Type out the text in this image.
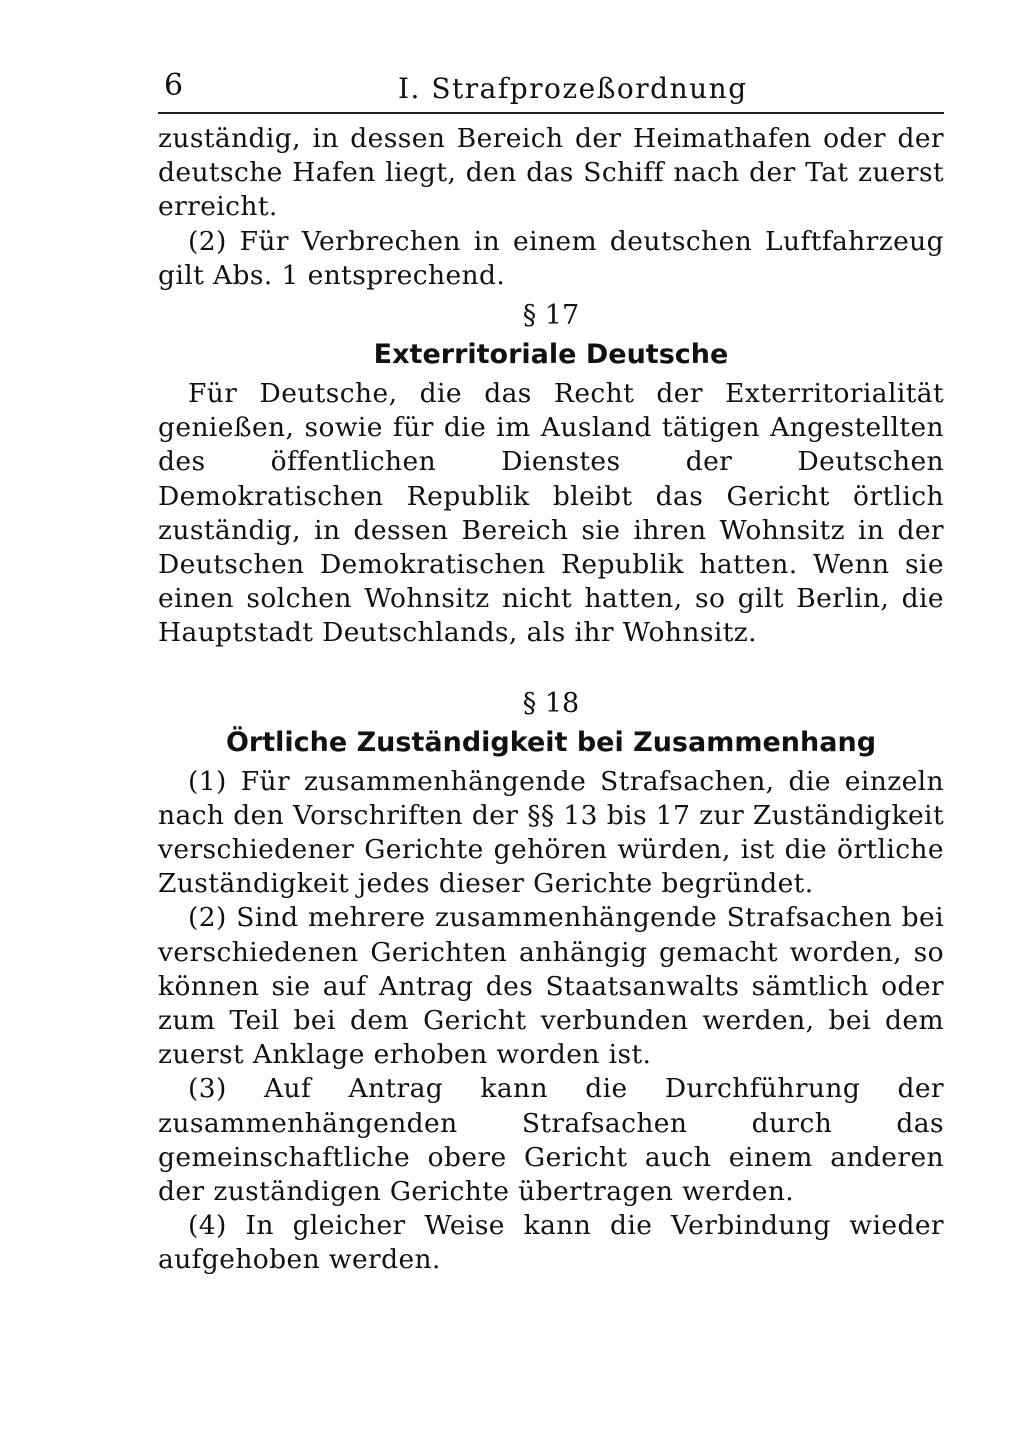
6	I. Strafprozeßordnung

zuständig, in dessen Bereich der Heimathafen oder der deutsche Hafen liegt, den das Schiff nach der Tat zuerst erreicht.

(2) Für Verbrechen in einem deutschen Luftfahrzeug gilt Abs. 1 entsprechend.

§ 17
Exterritoriale Deutsche

Für Deutsche, die das Recht der Exterritorialität genießen, sowie für die im Ausland tätigen Angestellten des öffentlichen Dienstes der Deutschen Demokratischen Republik bleibt das Gericht örtlich zuständig, in dessen Bereich sie ihren Wohnsitz in der Deutschen Demokratischen Republik hatten. Wenn sie einen solchen Wohnsitz nicht hatten, so gilt Berlin, die Hauptstadt Deutschlands, als ihr Wohnsitz.

§ 18
Örtliche Zuständigkeit bei Zusammenhang

(1) Für zusammenhängende Strafsachen, die einzeln nach den Vorschriften der §§ 13 bis 17 zur Zuständigkeit verschiedener Gerichte gehören würden, ist die örtliche Zuständigkeit jedes dieser Gerichte begründet.

(2) Sind mehrere zusammenhängende Strafsachen bei verschiedenen Gerichten anhängig gemacht worden, so können sie auf Antrag des Staatsanwalts sämtlich oder zum Teil bei dem Gericht verbunden werden, bei dem zuerst Anklage erhoben worden ist.

(3) Auf Antrag kann die Durchführung der zusammenhängenden Strafsachen durch das gemeinschaftliche obere Gericht auch einem anderen der zuständigen Gerichte übertragen werden.

(4) In gleicher Weise kann die Verbindung wieder aufgehoben werden.
